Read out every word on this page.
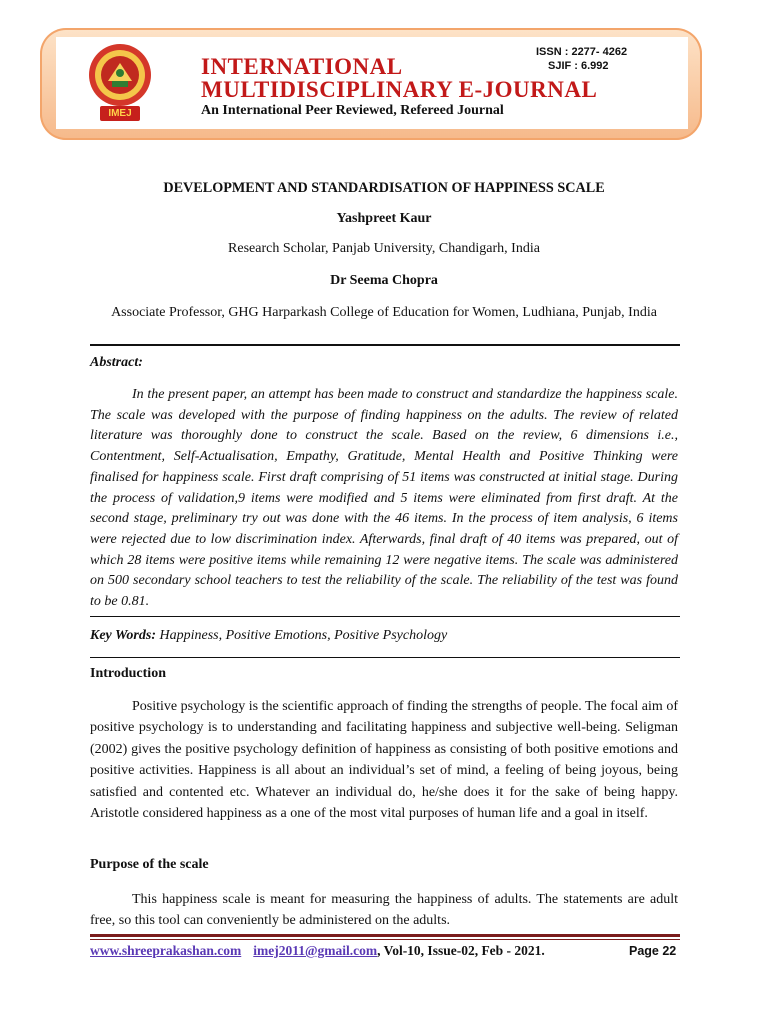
IMEJ
ISSN : 2277- 4262
SJIF : 6.992
INTERNATIONAL
MULTIDISCIPLINARY E-JOURNAL
An International Peer Reviewed, Refereed Journal
DEVELOPMENT AND STANDARDISATION OF HAPPINESS SCALE
Yashpreet Kaur
Research Scholar, Panjab University, Chandigarh, India
Dr Seema Chopra
Associate Professor, GHG Harparkash College of Education for Women, Ludhiana, Punjab, India
Abstract:
In the present paper, an attempt has been made to construct and standardize the happiness scale. The scale was developed with the purpose of finding happiness on the adults. The review of related literature was thoroughly done to construct the scale. Based on the review, 6 dimensions i.e., Contentment, Self-Actualisation, Empathy, Gratitude, Mental Health and Positive Thinking were finalised for happiness scale. First draft comprising of 51 items was constructed at initial stage. During the process of validation,9 items were modified and 5 items were eliminated from first draft. At the second stage, preliminary try out was done with the 46 items. In the process of item analysis, 6 items were rejected due to low discrimination index. Afterwards, final draft of 40 items was prepared, out of which 28 items were positive items while remaining 12 were negative items. The scale was administered on 500 secondary school teachers to test the reliability of the scale. The reliability of the test was found to be 0.81.
Key Words: Happiness, Positive Emotions, Positive Psychology
Introduction
Positive psychology is the scientific approach of finding the strengths of people. The focal aim of positive psychology is to understanding and facilitating happiness and subjective well-being. Seligman (2002) gives the positive psychology definition of happiness as consisting of both positive emotions and positive activities. Happiness is all about an individual’s set of mind, a feeling of being joyous, being satisfied and contented etc. Whatever an individual do, he/she does it for the sake of being happy. Aristotle considered happiness as a one of the most vital purposes of human life and a goal in itself.
Purpose of the scale
This happiness scale is meant for measuring the happiness of adults. The statements are adult free, so this tool can conveniently be administered on the adults.
www.shreeprakashan.com imej2011@gmail.com, Vol-10, Issue-02, Feb - 2021.	Page 22
